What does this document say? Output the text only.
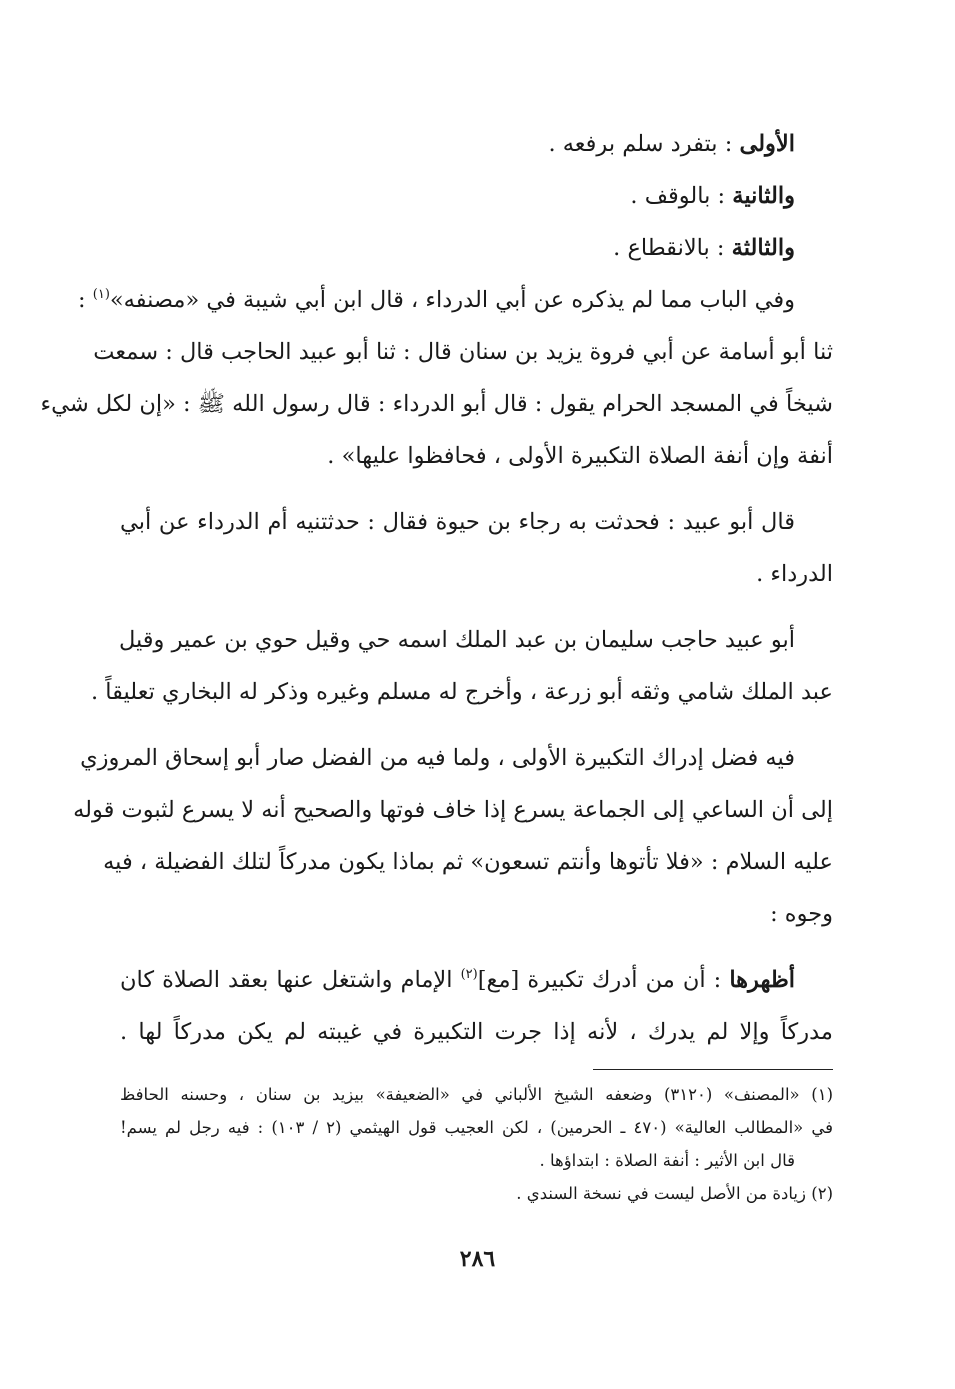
الأولى : بتفرد سلم برفعه .
والثانية : بالوقف .
والثالثة : بالانقطاع .
وفي الباب مما لم يذكره عن أبي الدرداء ، قال ابن أبي شيبة في «مصنفه»$^{(١)}$ :
ثنا أبو أسامة عن أبي فروة يزيد بن سنان قال : ثنا أبو عبيد الحاجب قال : سمعت
شيخاً في المسجد الحرام يقول : قال أبو الدرداء : قال رسول الله ﷺ : «إن لكل شيء
أنفة وإن أنفة الصلاة التكبيرة الأولى ، فحافظوا عليها» .
قال أبو عبيد : فحدثت به رجاء بن حيوة فقال : حدثتنيه أم الدرداء عن أبي
الدرداء .
أبو عبيد حاجب سليمان بن عبد الملك اسمه حي وقيل حوي بن عمير وقيل
عبد الملك شامي وثقه أبو زرعة ، وأخرج له مسلم وغيره وذكر له البخاري تعليقاً .
فيه فضل إدراك التكبيرة الأولى ، ولما فيه من الفضل صار أبو إسحاق المروزي
إلى أن الساعي إلى الجماعة يسرع إذا خاف فوتها والصحيح أنه لا يسرع لثبوت قوله
عليه السلام : «فلا تأتوها وأنتم تسعون» ثم بماذا يكون مدركاً لتلك الفضيلة ، فيه
وجوه :
أظهرها : أن من أدرك تكبيرة [مع]$^{(٢)}$ الإمام واشتغل عنها بعقد الصلاة كان
مدركاً وإلا لم يدرك ، لأنه إذا جرت التكبيرة في غيبته لم يكن مدركاً لها .
(١) «المصنف» (٣١٢٠) وضعفه الشيخ الألباني في «الضعيفة» بيزيد بن سنان ، وحسنه الحافظ
في «المطالب العالية» (٤٧٠ ـ الحرمين) ، لكن العجيب قول الهيثمي (٢ / ١٠٣) : فيه رجل لم يسم!
قال ابن الأثير : أنفة الصلاة : ابتداؤها .
(٢) زيادة من الأصل ليست في نسخة السندي .
٢٨٦
